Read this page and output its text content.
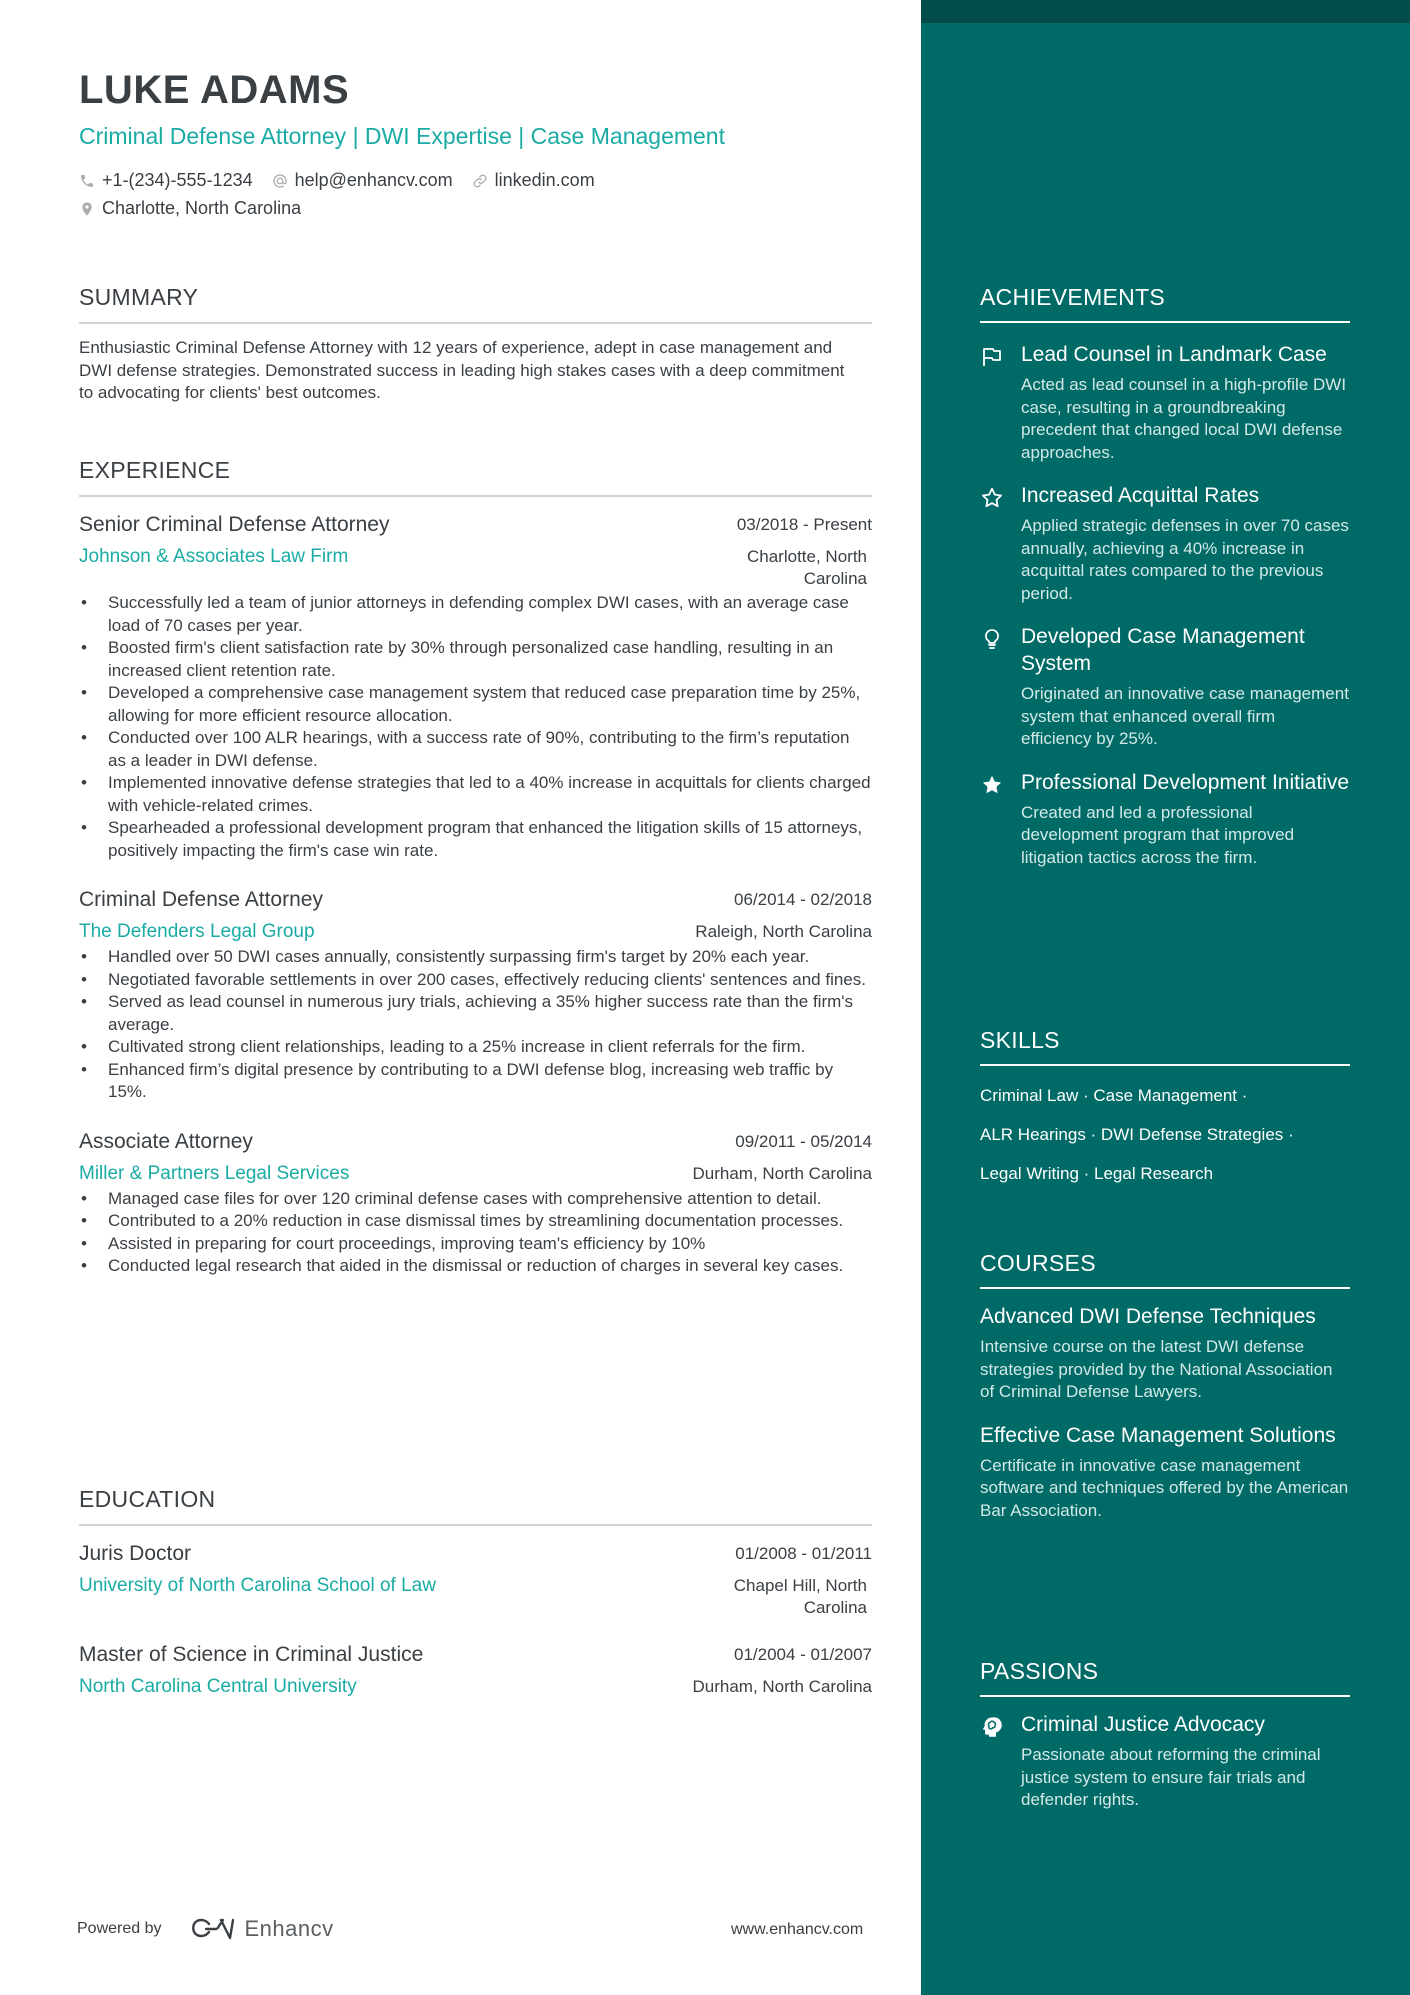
LUKE ADAMS
Criminal Defense Attorney | DWI Expertise | Case Management
+1-(234)-555-1234 help@enhancv.com linkedin.com
Charlotte, North Carolina
SUMMARY
Enthusiastic Criminal Defense Attorney with 12 years of experience, adept in case management and DWI defense strategies. Demonstrated success in leading high stakes cases with a deep commitment to advocating for clients' best outcomes.
EXPERIENCE
Senior Criminal Defense Attorney	03/2018 - Present
Johnson & Associates Law Firm	Charlotte, North
Carolina
• Successfully led a team of junior attorneys in defending complex DWI cases, with an average case load of 70 cases per year.
• Boosted firm's client satisfaction rate by 30% through personalized case handling, resulting in an increased client retention rate.
• Developed a comprehensive case management system that reduced case preparation time by 25%, allowing for more efficient resource allocation.
• Conducted over 100 ALR hearings, with a success rate of 90%, contributing to the firm’s reputation as a leader in DWI defense.
• Implemented innovative defense strategies that led to a 40% increase in acquittals for clients charged with vehicle-related crimes.
• Spearheaded a professional development program that enhanced the litigation skills of 15 attorneys, positively impacting the firm's case win rate.
Criminal Defense Attorney	06/2014 - 02/2018
The Defenders Legal Group	Raleigh, North Carolina
• Handled over 50 DWI cases annually, consistently surpassing firm's target by 20% each year.
• Negotiated favorable settlements in over 200 cases, effectively reducing clients' sentences and fines.
• Served as lead counsel in numerous jury trials, achieving a 35% higher success rate than the firm's average.
• Cultivated strong client relationships, leading to a 25% increase in client referrals for the firm.
• Enhanced firm’s digital presence by contributing to a DWI defense blog, increasing web traffic by 15%.
Associate Attorney	09/2011 - 05/2014
Miller & Partners Legal Services	Durham, North Carolina
• Managed case files for over 120 criminal defense cases with comprehensive attention to detail.
• Contributed to a 20% reduction in case dismissal times by streamlining documentation processes.
• Assisted in preparing for court proceedings, improving team's efficiency by 10%
• Conducted legal research that aided in the dismissal or reduction of charges in several key cases.
EDUCATION
Juris Doctor	01/2008 - 01/2011
University of North Carolina School of Law	Chapel Hill, North
Carolina
Master of Science in Criminal Justice	01/2004 - 01/2007
North Carolina Central University	Durham, North Carolina
Powered by	Enhancv	www.enhancv.com
ACHIEVEMENTS
Lead Counsel in Landmark Case
Acted as lead counsel in a high-profile DWI case, resulting in a groundbreaking precedent that changed local DWI defense approaches.
Increased Acquittal Rates
Applied strategic defenses in over 70 cases annually, achieving a 40% increase in acquittal rates compared to the previous period.
Developed Case Management System
Originated an innovative case management system that enhanced overall firm efficiency by 25%.
Professional Development Initiative
Created and led a professional development program that improved litigation tactics across the firm.
SKILLS
Criminal Law · Case Management ·
ALR Hearings · DWI Defense Strategies ·
Legal Writing · Legal Research
COURSES
Advanced DWI Defense Techniques
Intensive course on the latest DWI defense strategies provided by the National Association of Criminal Defense Lawyers.
Effective Case Management Solutions
Certificate in innovative case management software and techniques offered by the American Bar Association.
PASSIONS
Criminal Justice Advocacy
Passionate about reforming the criminal justice system to ensure fair trials and defender rights.
